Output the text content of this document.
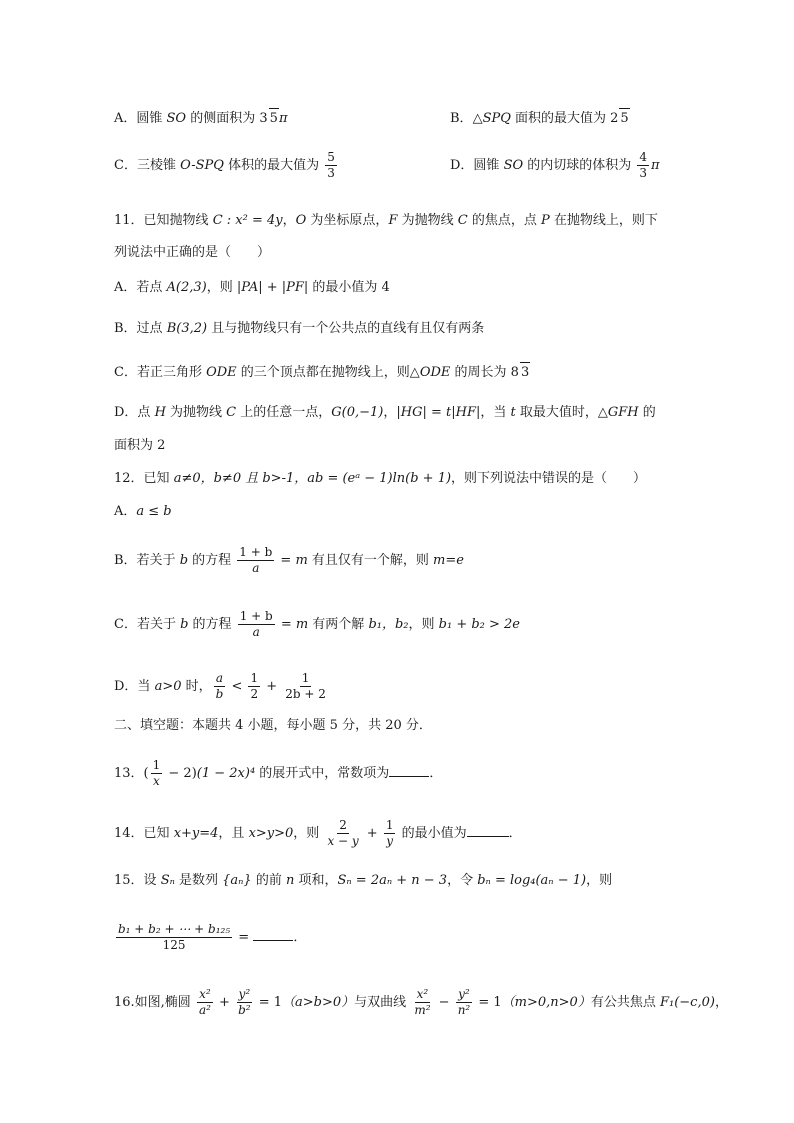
A．圆锥 SO 的侧面积为 3 5π	B．△SPQ 面积的最大值为 2 5
C．三棱锥 O-SPQ 体积的最大值为 $\frac{5}{3}$	D．圆锥 SO 的内切球的体积为 $\frac{4}{3}$ π
11．已知抛物线 C : x² = 4y，O 为坐标原点，F 为抛物线 C 的焦点，点 P 在抛物线上，则下
列说法中正确的是（　　）
A．若点 A(2,3)，则 |PA| + |PF| 的最小值为 4
B．过点 B(3,2) 且与抛物线只有一个公共点的直线有且仅有两条
C．若正三角形 ODE 的三个顶点都在抛物线上，则△ODE 的周长为 8 3
D．点 H 为抛物线 C 上的任意一点，G(0,−1)，|HG| = t|HF|，当 t 取最大值时，△GFH 的
面积为 2
12．已知 a≠0，b≠0 且 b>-1，ab = (eᵃ − 1)ln(b + 1)，则下列说法中错误的是（　　）
A．a ≤ b
B．若关于 b 的方程 $\frac{1 + b}{a} = m$ 有且仅有一个解，则 m=e
C．若关于 b 的方程 $\frac{1 + b}{a} = m$ 有两个解 b₁，b₂，则 b₁ + b₂ > 2e
D．当 a>0 时， $\frac{a}{b} < \frac{1}{2} + \frac{1}{2b + 2}$
二、填空题：本题共 4 小题，每小题 5 分，共 20 分．
13．( $\frac{1}{x} - 2)(1 - 2x)^4$ 的展开式中，常数项为	．
14．已知 x+y=4，且 x>y>0，则 $\frac{2}{x - y} + \frac{1}{y}$ 的最小值为	．
15．设 Sₙ 是数列 {aₙ} 的前 n 项和，Sₙ = 2aₙ + n − 3，令 bₙ = log₄(aₙ − 1)，则
$\frac{\text{b₁ + b₂ + ⋯ + b₁₂₅}}{125}$ =	．
16.如图,椭圆 $\frac{\text{x²}}{\text{a²}} + \frac{\text{y²}}{\text{b²}} = 1(a>b>0)$与双曲线 $\frac{\text{x²}}{\text{m²}} - \frac{\text{y²}}{\text{n²}} = 1(m>0,n>0)$有公共焦点 F₁(−c,0)，
